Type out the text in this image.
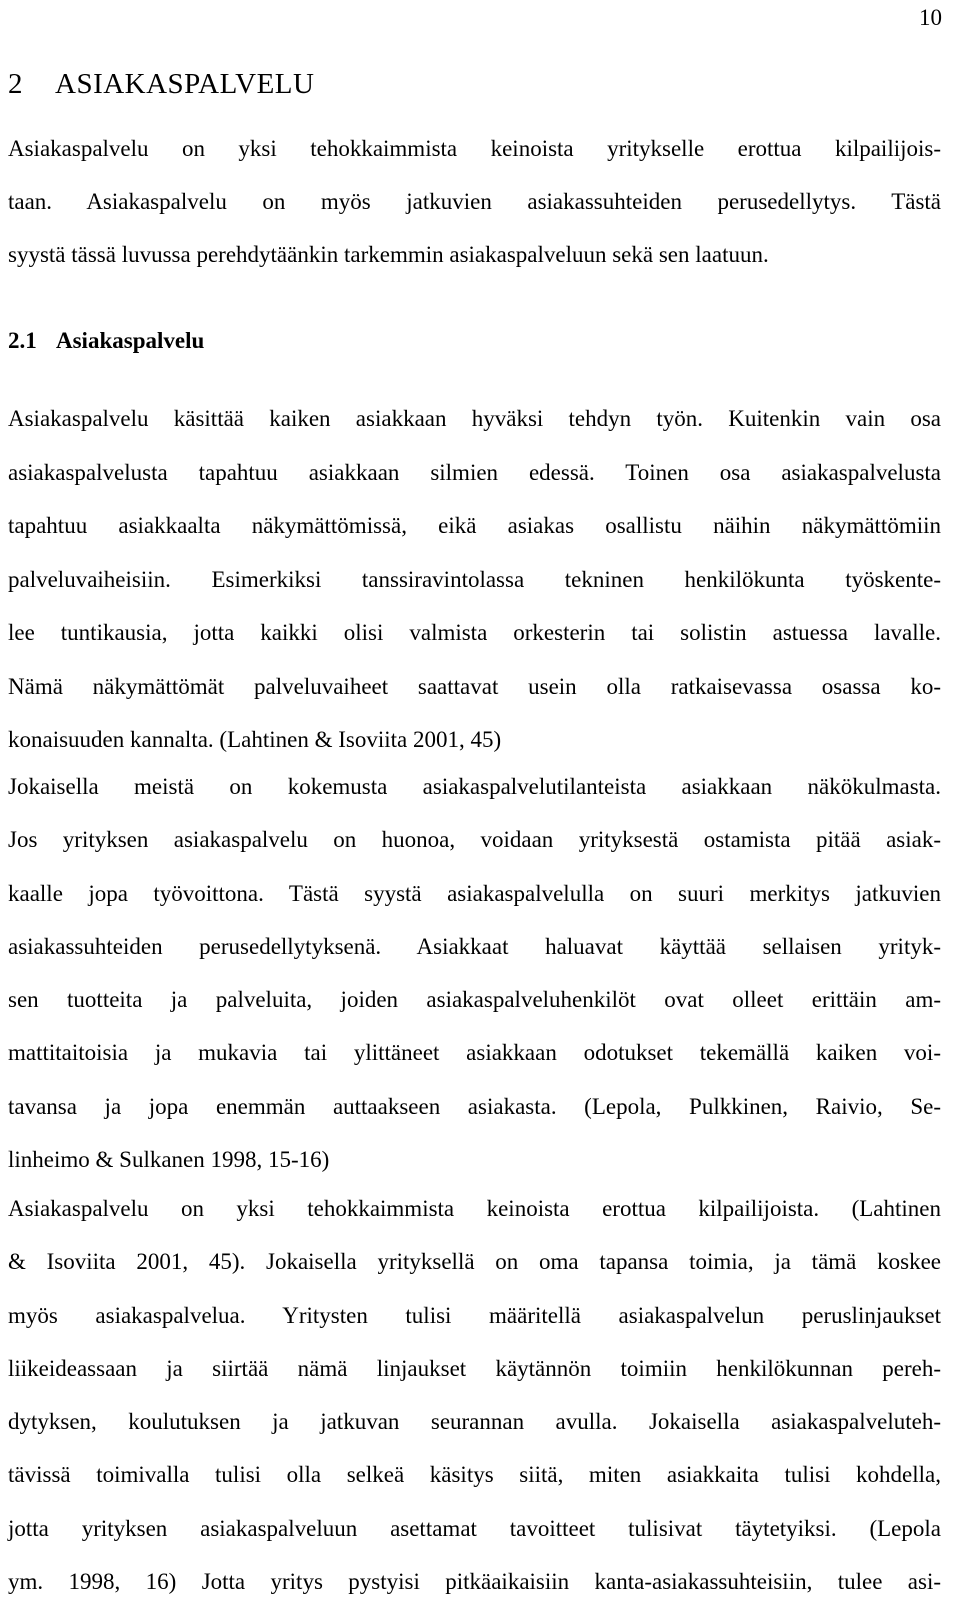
10
2 ASIAKASPALVELU

Asiakaspalvelu on yksi tehokkaimmista keinoista yritykselle erottua kilpailijois-
taan. Asiakaspalvelu on myös jatkuvien asiakassuhteiden perusedellytys. Tästä
syystä tässä luvussa perehdytäänkin tarkemmin asiakaspalveluun sekä sen laatuun.

2.1 Asiakaspalvelu

Asiakaspalvelu käsittää kaiken asiakkaan hyväksi tehdyn työn. Kuitenkin vain osa
asiakaspalvelusta tapahtuu asiakkaan silmien edessä. Toinen osa asiakaspalvelusta
tapahtuu asiakkaalta näkymättömissä, eikä asiakas osallistu näihin näkymättömiin
palveluvaiheisiin. Esimerkiksi tanssiravintolassa tekninen henkilökunta työskente-
lee tuntikausia, jotta kaikki olisi valmista orkesterin tai solistin astuessa lavalle.
Nämä näkymättömät palveluvaiheet saattavat usein olla ratkaisevassa osassa ko-
konaisuuden kannalta. (Lahtinen & Isoviita 2001, 45)

Jokaisella meistä on kokemusta asiakaspalvelutilanteista asiakkaan näkökulmasta.
Jos yrityksen asiakaspalvelu on huonoa, voidaan yrityksestä ostamista pitää asiak-
kaalle jopa työvoittona. Tästä syystä asiakaspalvelulla on suuri merkitys jatkuvien
asiakassuhteiden perusedellytyksenä. Asiakkaat haluavat käyttää sellaisen yrityk-
sen tuotteita ja palveluita, joiden asiakaspalveluhenkilöt ovat olleet erittäin am-
mattitaitoisia ja mukavia tai ylittäneet asiakkaan odotukset tekemällä kaiken voi-
tavansa ja jopa enemmän auttaakseen asiakasta. (Lepola, Pulkkinen, Raivio, Se-
linheimo & Sulkanen 1998, 15-16)

Asiakaspalvelu on yksi tehokkaimmista keinoista erottua kilpailijoista. (Lahtinen
& Isoviita 2001, 45). Jokaisella yrityksellä on oma tapansa toimia, ja tämä koskee
myös asiakaspalvelua. Yritysten tulisi määritellä asiakaspalvelun peruslinjaukset
liikeideassaan ja siirtää nämä linjaukset käytännön toimiin henkilökunnan pereh-
dytyksen, koulutuksen ja jatkuvan seurannan avulla. Jokaisella asiakaspalveluteh-
tävissä toimivalla tulisi olla selkeä käsitys siitä, miten asiakkaita tulisi kohdella,
jotta yrityksen asiakaspalveluun asettamat tavoitteet tulisivat täytetyiksi. (Lepola
ym. 1998, 16) Jotta yritys pystyisi pitkäaikaisiin kanta-asiakassuhteisiin, tulee asi-
